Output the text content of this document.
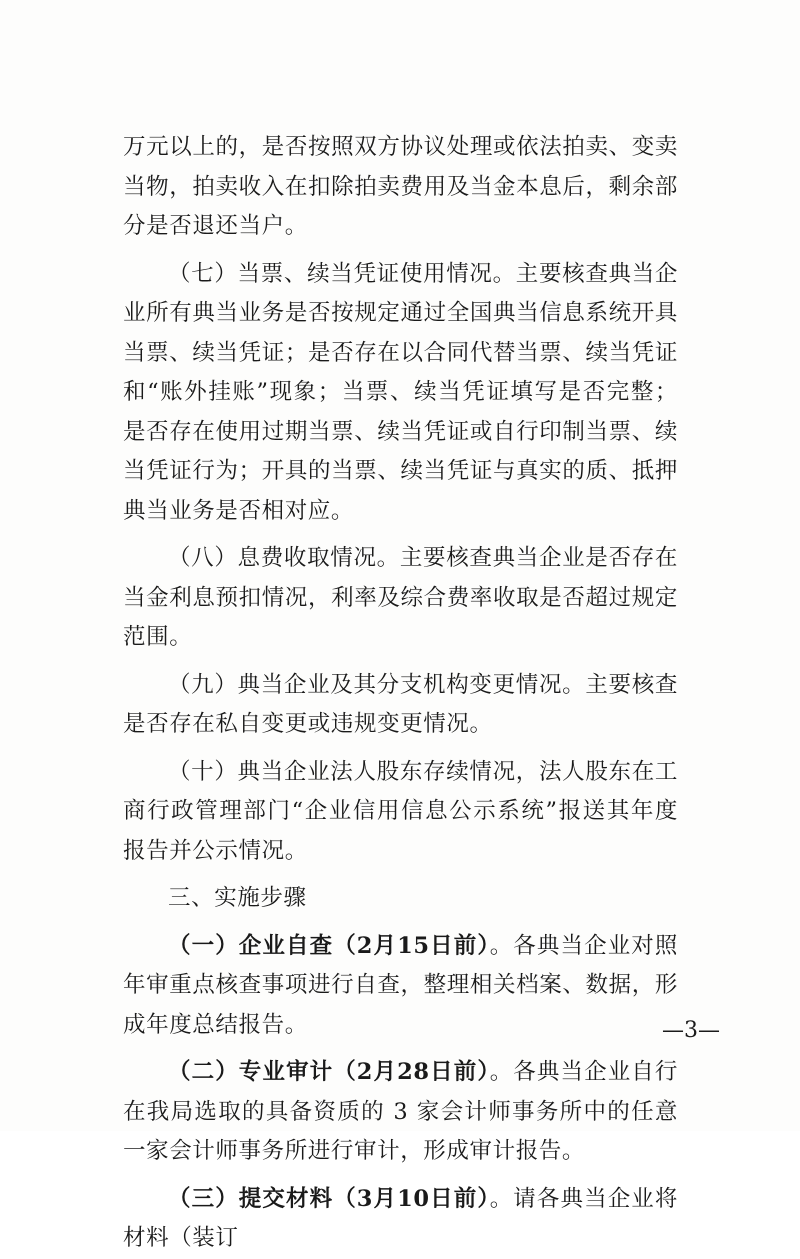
万元以上的，是否按照双方协议处理或依法拍卖、变卖当物，拍卖收入在扣除拍卖费用及当金本息后，剩余部分是否退还当户。

（七）当票、续当凭证使用情况。主要核查典当企业所有典当业务是否按规定通过全国典当信息系统开具当票、续当凭证；是否存在以合同代替当票、续当凭证和“账外挂账”现象；当票、续当凭证填写是否完整；是否存在使用过期当票、续当凭证或自行印制当票、续当凭证行为；开具的当票、续当凭证与真实的质、抵押典当业务是否相对应。

（八）息费收取情况。主要核查典当企业是否存在当金利息预扣情况，利率及综合费率收取是否超过规定范围。

（九）典当企业及其分支机构变更情况。主要核查是否存在私自变更或违规变更情况。

（十）典当企业法人股东存续情况，法人股东在工商行政管理部门“企业信用信息公示系统”报送其年度报告并公示情况。

三、实施步骤

（一）企业自查（2月15日前）。各典当企业对照年审重点核查事项进行自查，整理相关档案、数据，形成年度总结报告。

（二）专业审计（2月28日前）。各典当企业自行在我局选取的具备资质的 3 家会计师事务所中的任意一家会计师事务所进行审计，形成审计报告。

（三）提交材料（3月10日前）。请各典当企业将材料（装订

—3—
